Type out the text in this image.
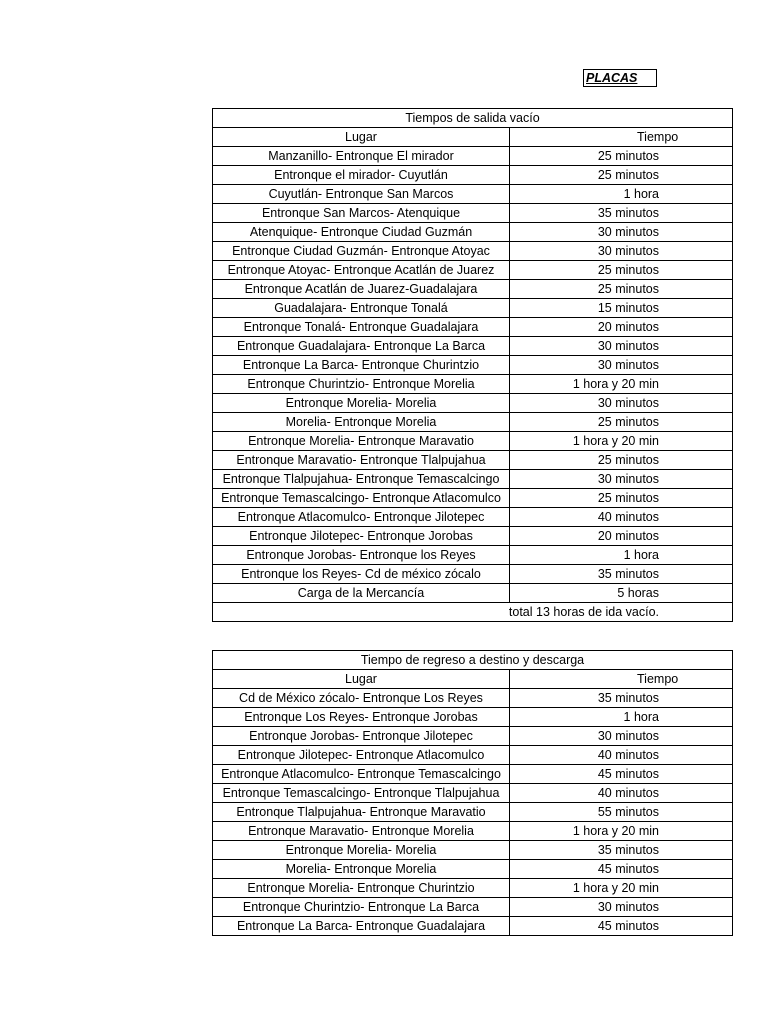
PLACAS
Tiempos de salida vacío	
Lugar	Tiempo
Manzanillo- Entronque El mirador	25 minutos
Entronque el mirador- Cuyutlán	25 minutos
Cuyutlán- Entronque San Marcos	1 hora
Entronque San Marcos- Atenquique	35 minutos
Atenquique- Entronque Ciudad Guzmán	30 minutos
Entronque Ciudad Guzmán- Entronque Atoyac	30 minutos
Entronque Atoyac- Entronque Acatlán de Juarez	25 minutos
Entronque Acatlán de Juarez-Guadalajara	25 minutos
Guadalajara- Entronque Tonalá	15 minutos
Entronque Tonalá- Entronque Guadalajara	20 minutos
Entronque Guadalajara- Entronque La Barca	30 minutos
Entronque La Barca- Entronque Churintzio	30 minutos
Entronque Churintzio- Entronque Morelia	1 hora y 20 min
Entronque Morelia- Morelia	30 minutos
Morelia- Entronque Morelia	25 minutos
Entronque Morelia- Entronque Maravatio	1 hora y 20 min
Entronque Maravatio- Entronque Tlalpujahua	25 minutos
Entronque Tlalpujahua- Entronque Temascalcingo	30 minutos
Entronque Temascalcingo- Entronque Atlacomulco	25 minutos
Entronque Atlacomulco- Entronque Jilotepec	40 minutos
Entronque Jilotepec- Entronque Jorobas	20 minutos
Entronque Jorobas- Entronque los Reyes	1 hora
Entronque los Reyes- Cd de méxico zócalo	35 minutos
Carga de la Mercancía	5 horas
total 13 horas de ida vacío.	
Tiempo de regreso a destino y descarga	
Lugar	Tiempo
Cd de México zócalo- Entronque Los Reyes	35 minutos
Entronque Los Reyes- Entronque Jorobas	1 hora
Entronque Jorobas- Entronque Jilotepec	30 minutos
Entronque Jilotepec- Entronque Atlacomulco	40 minutos
Entronque Atlacomulco- Entronque Temascalcingo	45 minutos
Entronque Temascalcingo- Entronque Tlalpujahua	40 minutos
Entronque Tlalpujahua- Entronque Maravatio	55 minutos
Entronque Maravatio- Entronque Morelia	1 hora y 20 min
Entronque Morelia- Morelia	35 minutos
Morelia- Entronque Morelia	45 minutos
Entronque Morelia- Entronque Churintzio	1 hora y 20 min
Entronque Churintzio- Entronque La Barca	30 minutos
Entronque La Barca- Entronque Guadalajara	45 minutos
